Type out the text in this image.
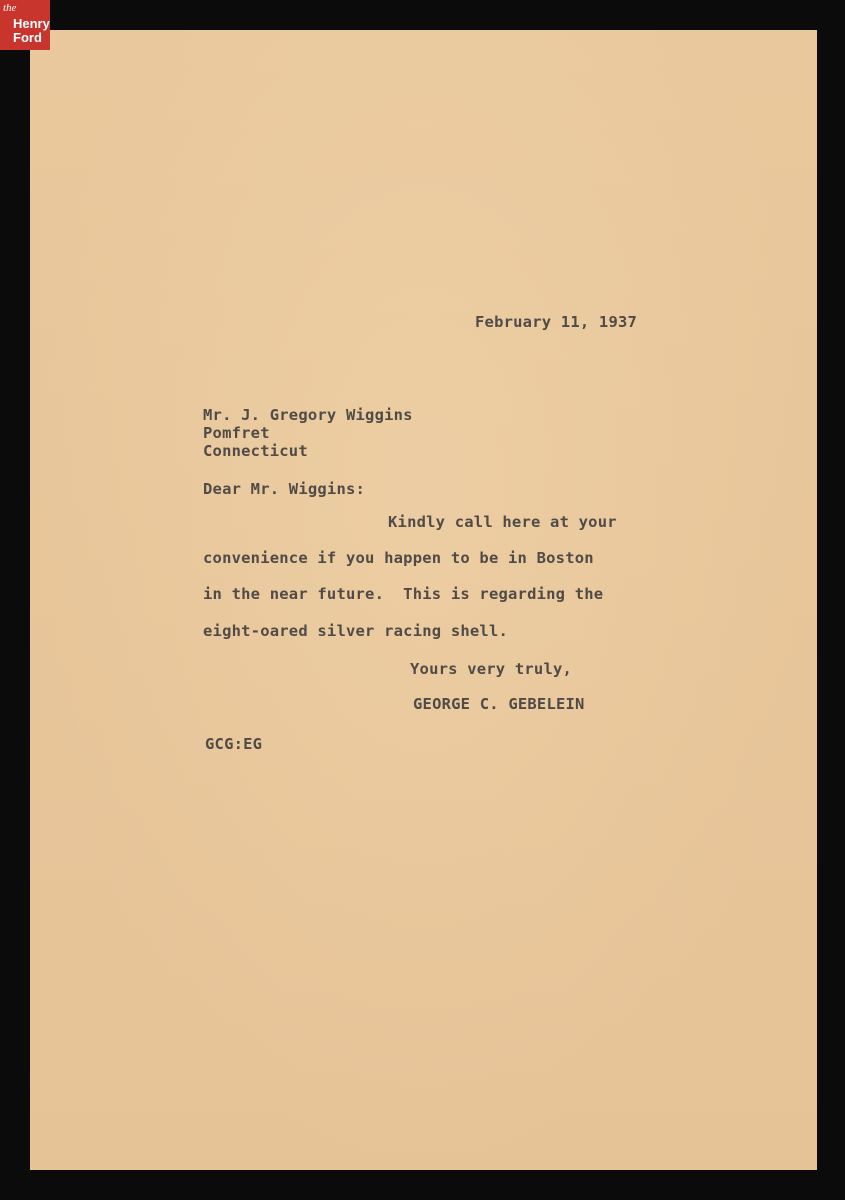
February 11, 1937
Mr. J. Gregory Wiggins
Pomfret
Connecticut
Dear Mr. Wiggins:
Kindly call here at your
convenience if you happen to be in Boston
in the near future.  This is regarding the
eight-oared silver racing shell.
Yours very truly,
GEORGE C. GEBELEIN
GCG:EG
the
Henry
Ford
